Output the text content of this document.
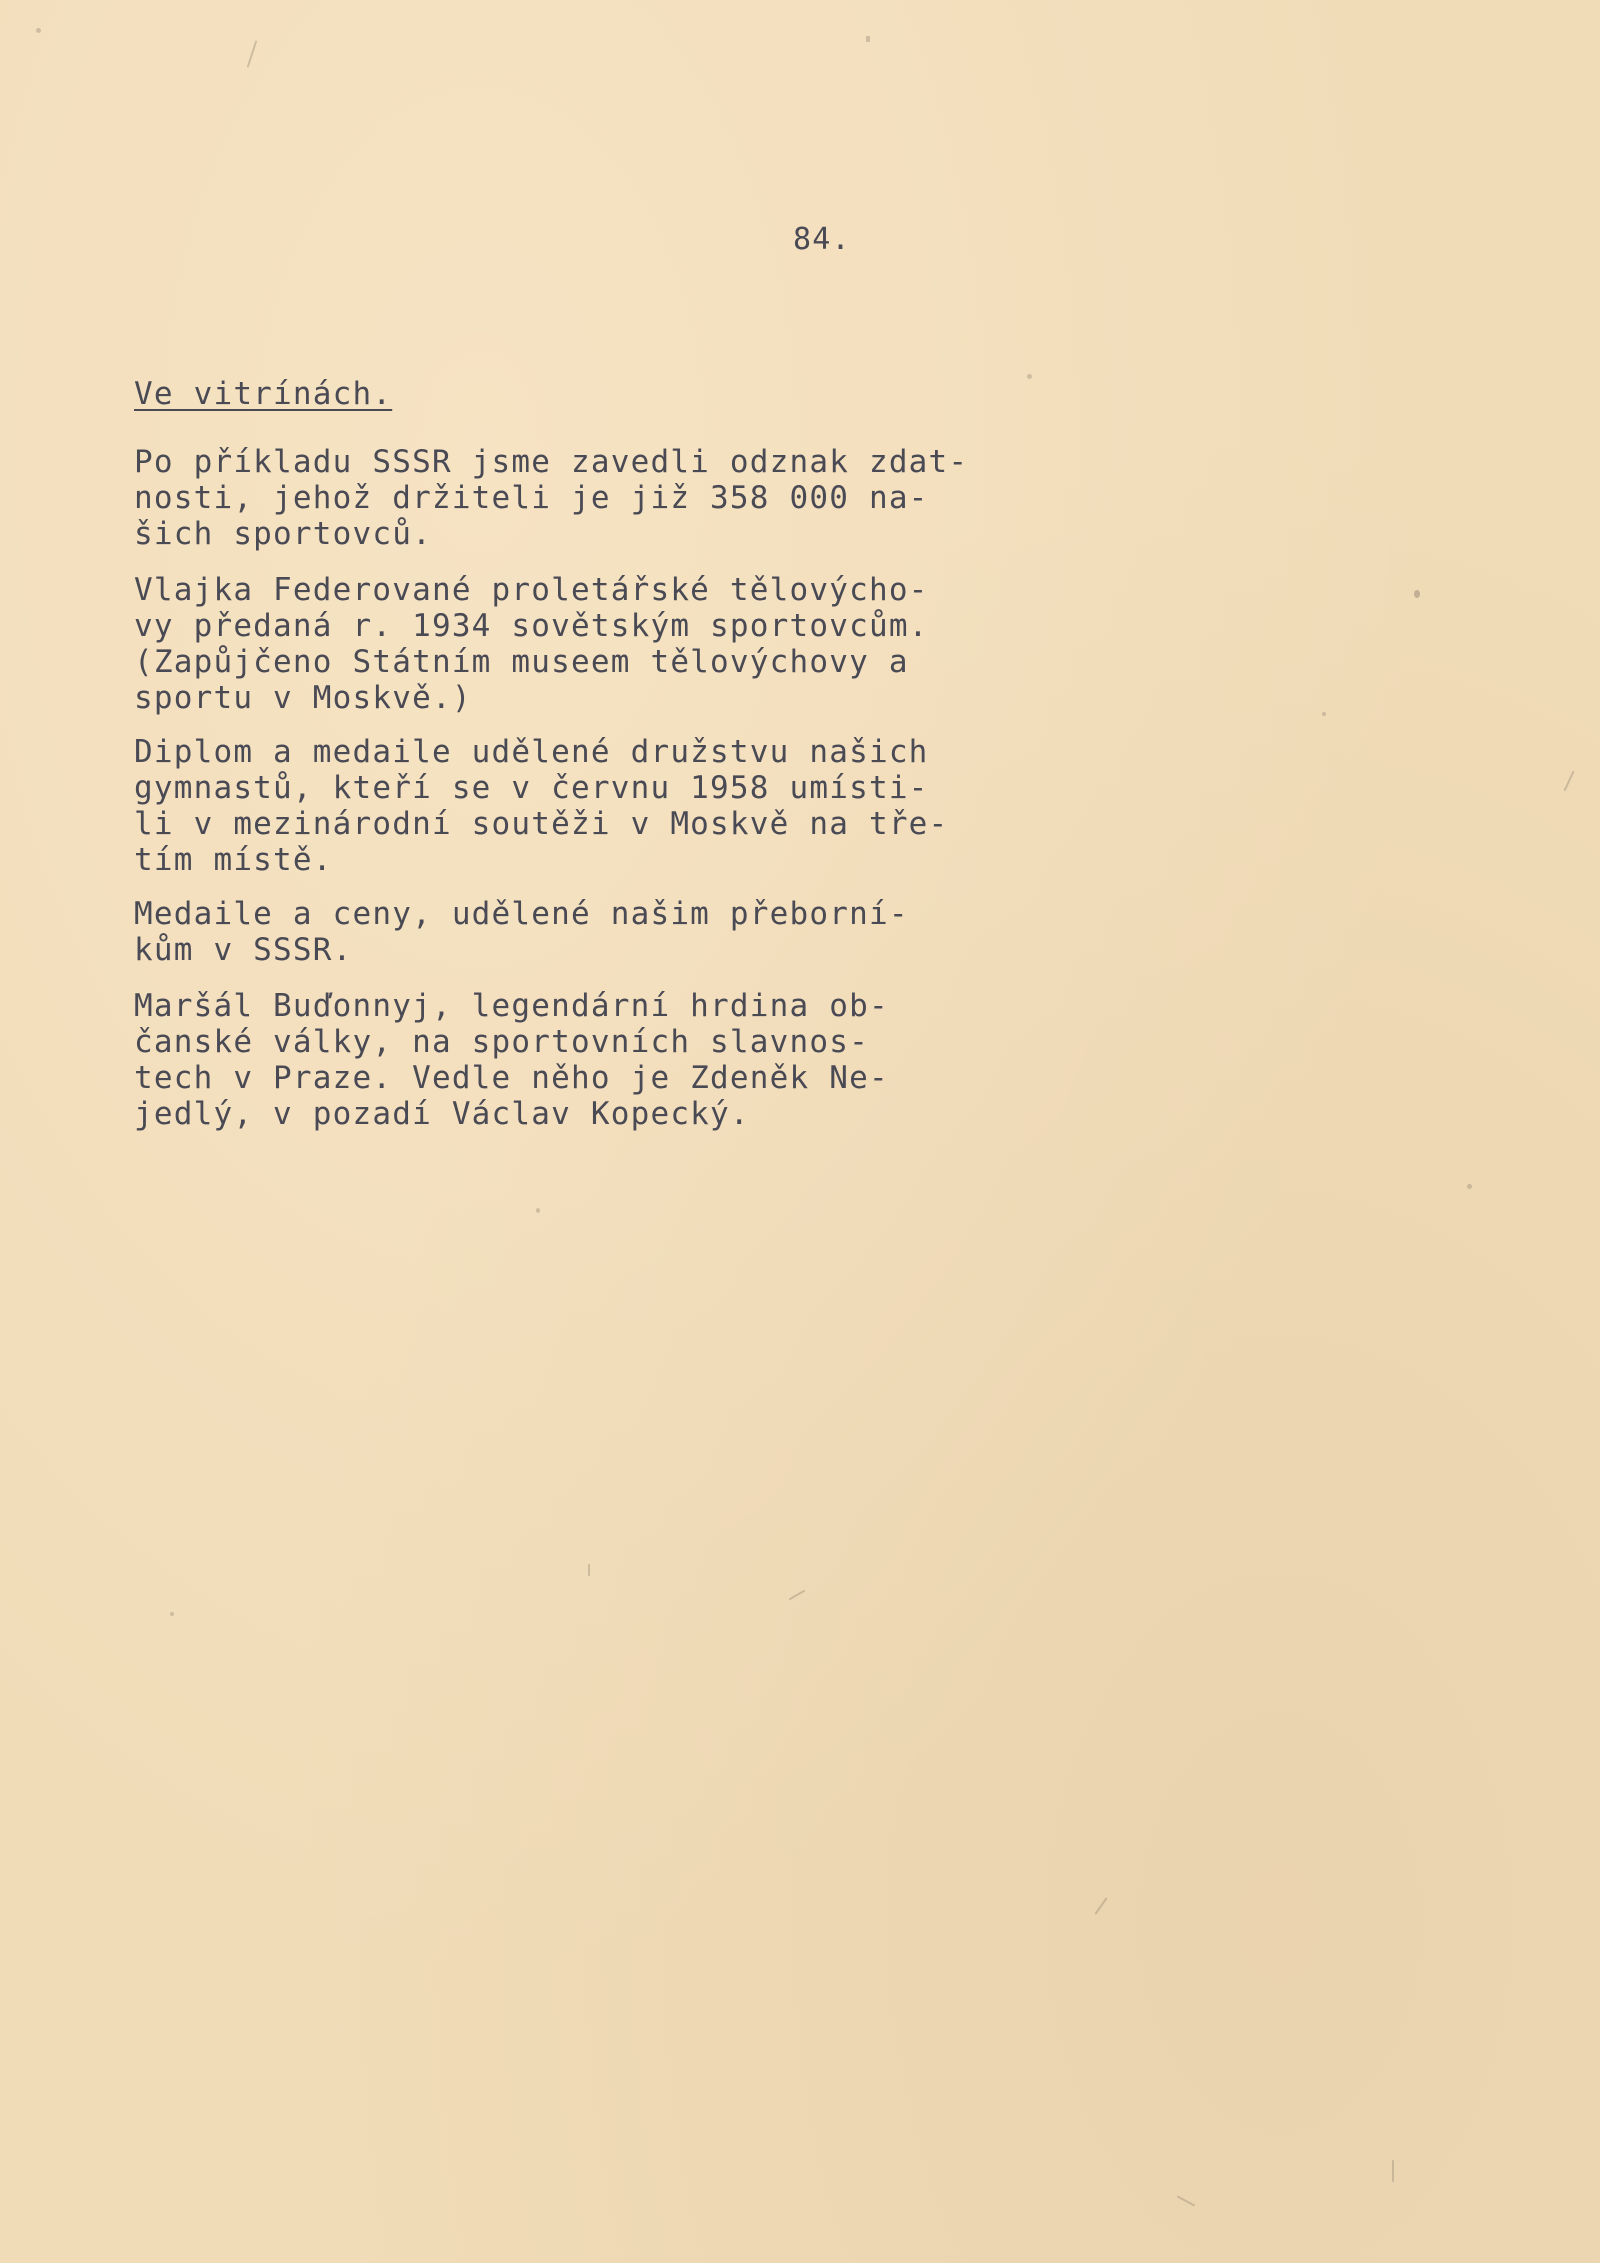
84.
Ve vitrínách.
Po příkladu SSSR jsme zavedli odznak zdat-
nosti, jehož držiteli je již 358 000 na-
šich sportovců.
Vlajka Federované proletářské tělovýcho-
vy předaná r. 1934 sovětským sportovcům.
(Zapůjčeno Státním museem tělovýchovy a
sportu v Moskvě.)
Diplom a medaile udělené družstvu našich
gymnastů, kteří se v červnu 1958 umísti-
li v mezinárodní soutěži v Moskvě na tře-
tím místě.
Medaile a ceny, udělené našim přeborní-
kům v SSSR.
Maršál Buďonnyj, legendární hrdina ob-
čanské války, na sportovních slavnos-
tech v Praze. Vedle něho je Zdeněk Ne-
jedlý, v pozadí Václav Kopecký.
